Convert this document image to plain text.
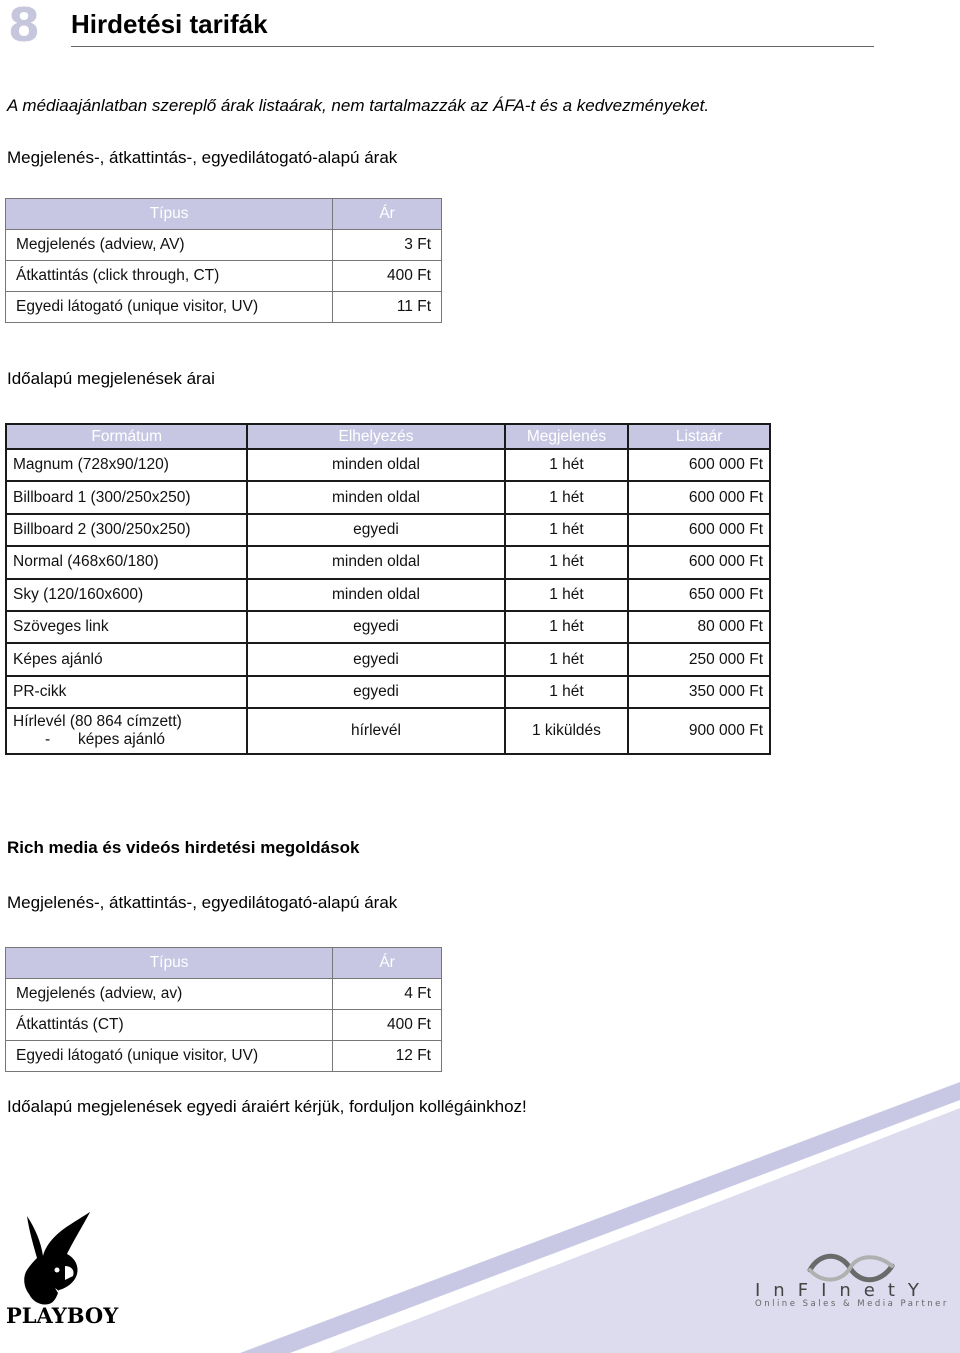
8 Hirdetési tarifák
A médiaajánlatban szereplő árak listaárak, nem tartalmazzák az ÁFA-t és a kedvezményeket.
Megjelenés-, átkattintás-, egyedilátogató-alapú árak
Típus	Ár
Megjelenés (adview, AV)	3 Ft
Átkattintás (click through, CT)	400 Ft
Egyedi látogató (unique visitor, UV)	11 Ft
Időalapú megjelenések árai
Formátum	Elhelyezés	Megjelenés	Listaár
Magnum (728x90/120)	minden oldal	1 hét	600 000 Ft
Billboard 1 (300/250x250)	minden oldal	1 hét	600 000 Ft
Billboard 2 (300/250x250)	egyedi	1 hét	600 000 Ft
Normal (468x60/180)	minden oldal	1 hét	600 000 Ft
Sky (120/160x600)	minden oldal	1 hét	650 000 Ft
Szöveges link	egyedi	1 hét	80 000 Ft
Képes ajánló	egyedi	1 hét	250 000 Ft
PR-cikk	egyedi	1 hét	350 000 Ft

Hírlevél (80 864 címzett)
- képes ajánló	hírlevél	1 kiküldés	900 000 Ft
Rich media és videós hirdetési megoldások
Megjelenés-, átkattintás-, egyedilátogató-alapú árak
Típus	Ár
Megjelenés (adview, av)	4 Ft
Átkattintás (CT)	400 Ft
Egyedi látogató (unique visitor, UV)	12 Ft
Időalapú megjelenések egyedi áraiért kérjük, forduljon kollégáinkhoz!
PLAYBOY
InFInetY
Online Sales & Media Partner
